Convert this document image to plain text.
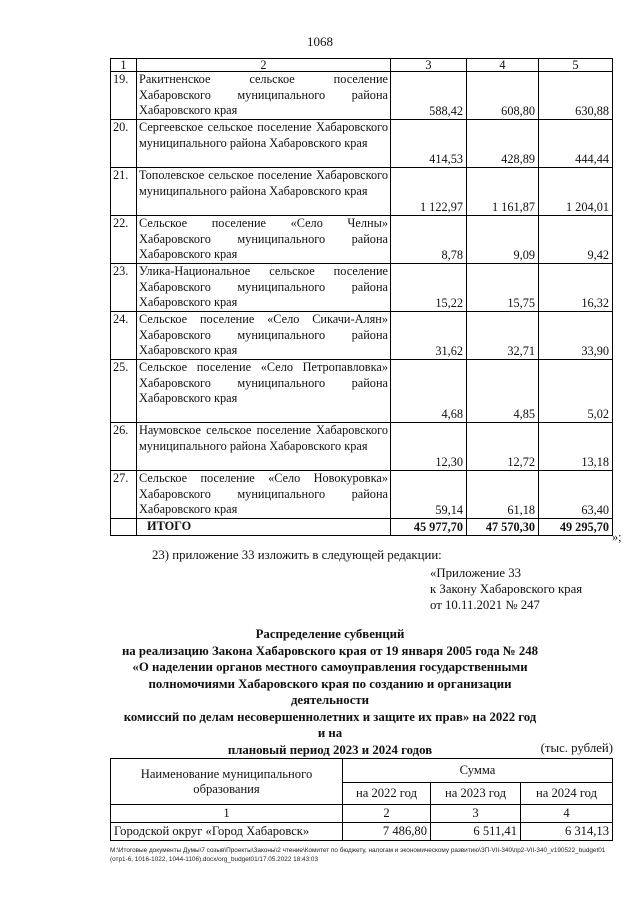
1068
1	2	3	4	5
19.	Ракитненское сельское поселение Хабаровского муниципального района Хабаровского края	588,42	608,80	630,88
20.	Сергеевское сельское поселение Хабаровского муниципального района Хабаровского края	414,53	428,89	444,44
21.	Тополевское сельское поселение Хабаровского муниципального района Хабаровского края	1 122,97	1 161,87	1 204,01
22.	Сельское поселение «Село Челны» Хабаровского муниципального района Хабаровского края	8,78	9,09	9,42
23.	Улика-Национальное сельское поселение Хабаровского муниципального района Хабаровского края	15,22	15,75	16,32
24.	Сельское поселение «Село Сикачи-Алян» Хабаровского муниципального района Хабаровского края	31,62	32,71	33,90
25.	Сельское поселение «Село Петропавловка» Хабаровского муниципального района Хабаровского края	4,68	4,85	5,02
26.	Наумовское сельское поселение Хабаровского муниципального района Хабаровского края	12,30	12,72	13,18
27.	Сельское поселение «Село Новокуровка» Хабаровского муниципального района Хабаровского края	59,14	61,18	63,40
	ИТОГО	45 977,70	47 570,30	49 295,70
»;
23) приложение 33 изложить в следующей редакции:
«Приложение 33
к Закону Хабаровского края
от 10.11.2021 № 247
Распределение субвенций
на реализацию Закона Хабаровского края от 19 января 2005 года № 248
«О наделении органов местного самоуправления государственными
полномочиями Хабаровского края по созданию и организации деятельности
комиссий по делам несовершеннолетних и защите их прав» на 2022 год и на
плановый период 2023 и 2024 годов	(тыс. рублей)
Наименование муниципального образования	Сумма		
	на 2022 год	на 2023 год	на 2024 год
1	2	3	4
Городской округ «Город Хабаровск»	7 486,80	6 511,41	6 314,13
M:\Итоговые документы Думы\7 созыв\Проекты\Законы\2 чтение\Комитет по бюджету, налогам и экономическому развитию\ЗП-VII-340\пр2-VII-340_v190522_budget01 (отр1-6, 1016-1022, 1044-1106).docx/org_budget01/17.05.2022 18:43:03
